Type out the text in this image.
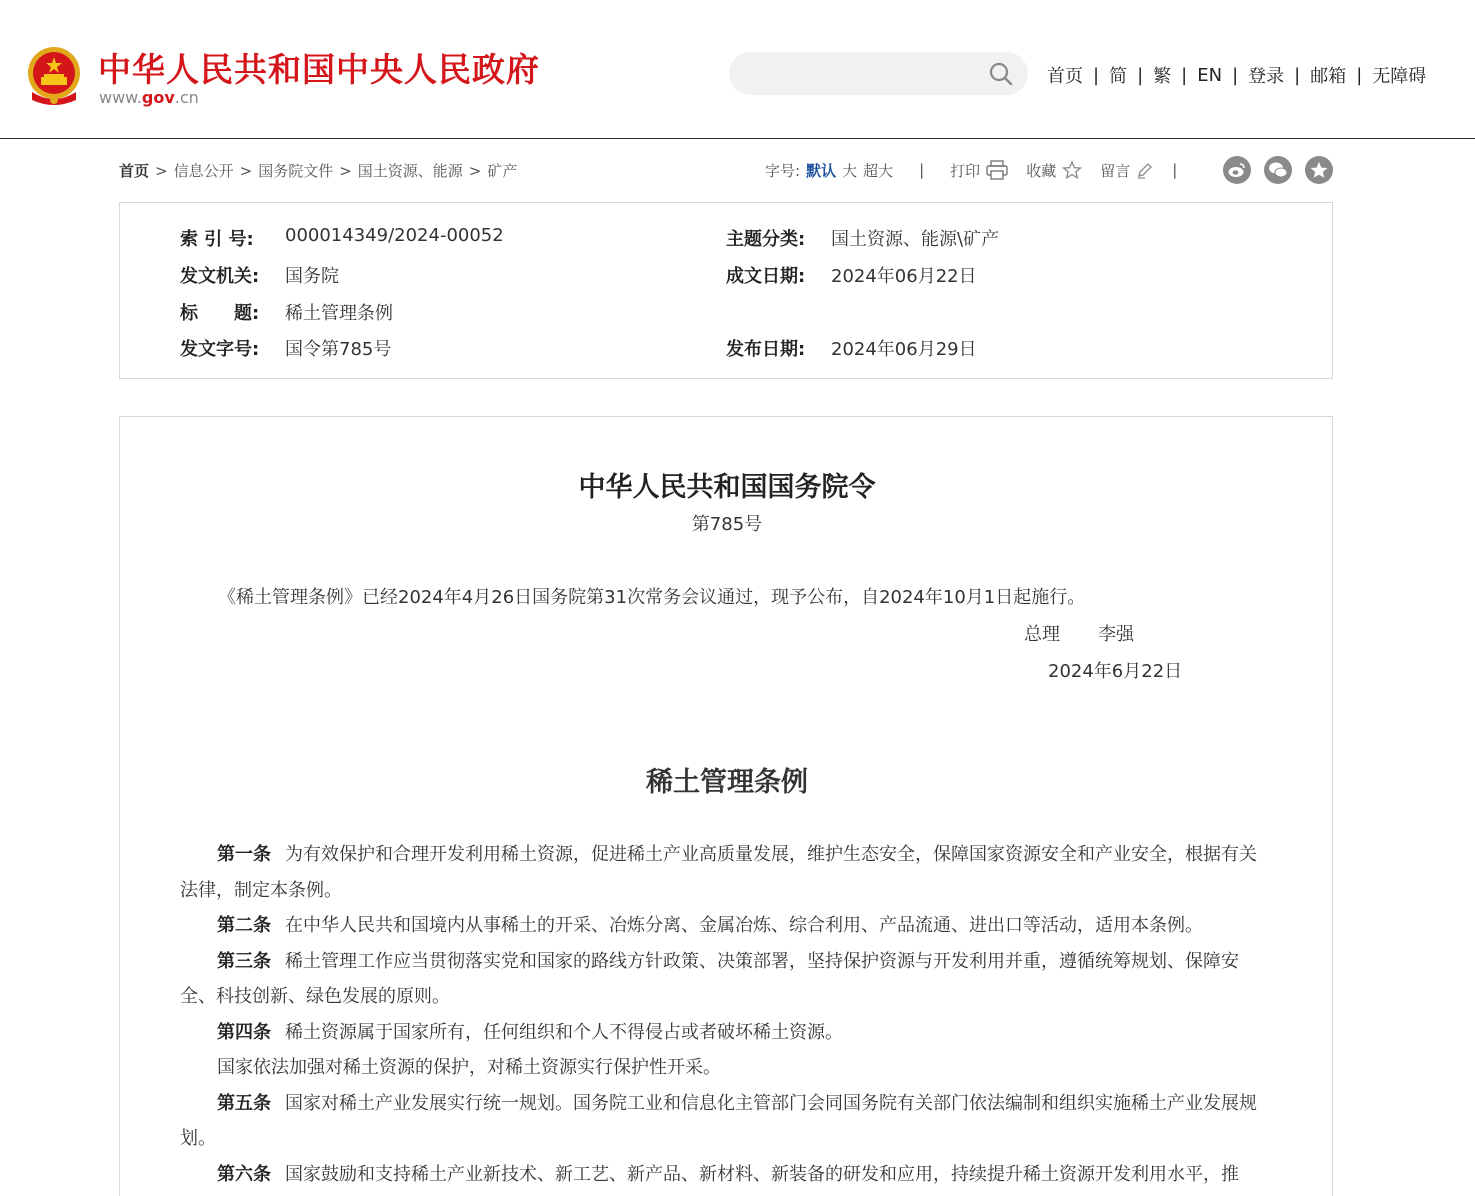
中华人民共和国中央人民政府
www.gov.cn
首页 | 简 | 繁 | EN | 登录 | 邮箱 | 无障碍
首页 > 信息公开 > 国务院文件 > 国土资源、能源 > 矿产	字号: 默认 大 超大 | 打印	收藏	留言	|
索 引 号:	000014349/2024-00052	主题分类:	国土资源、能源\矿产
发文机关:	国务院	成文日期:	2024年06月22日
标　　题:	稀土管理条例
发文字号:	国令第785号	发布日期:	2024年06月29日
中华人民共和国国务院令
第785号
《稀土管理条例》已经2024年4月26日国务院第31次常务会议通过，现予公布，自2024年10月1日起施行。
总理 李强
2024年6月22日
稀土管理条例

第一条 为有效保护和合理开发利用稀土资源，促进稀土产业高质量发展，维护生态安全，保障国家资源安全和产业安全，根据有关法律，制定本条例。

第二条 在中华人民共和国境内从事稀土的开采、冶炼分离、金属冶炼、综合利用、产品流通、进出口等活动，适用本条例。

第三条 稀土管理工作应当贯彻落实党和国家的路线方针政策、决策部署，坚持保护资源与开发利用并重，遵循统筹规划、保障安全、科技创新、绿色发展的原则。

第四条 稀土资源属于国家所有，任何组织和个人不得侵占或者破坏稀土资源。

国家依法加强对稀土资源的保护，对稀土资源实行保护性开采。

第五条 国家对稀土产业发展实行统一规划。国务院工业和信息化主管部门会同国务院有关部门依法编制和组织实施稀土产业发展规划。

第六条 国家鼓励和支持稀土产业新技术、新工艺、新产品、新材料、新装备的研发和应用，持续提升稀土资源开发利用水平，推
